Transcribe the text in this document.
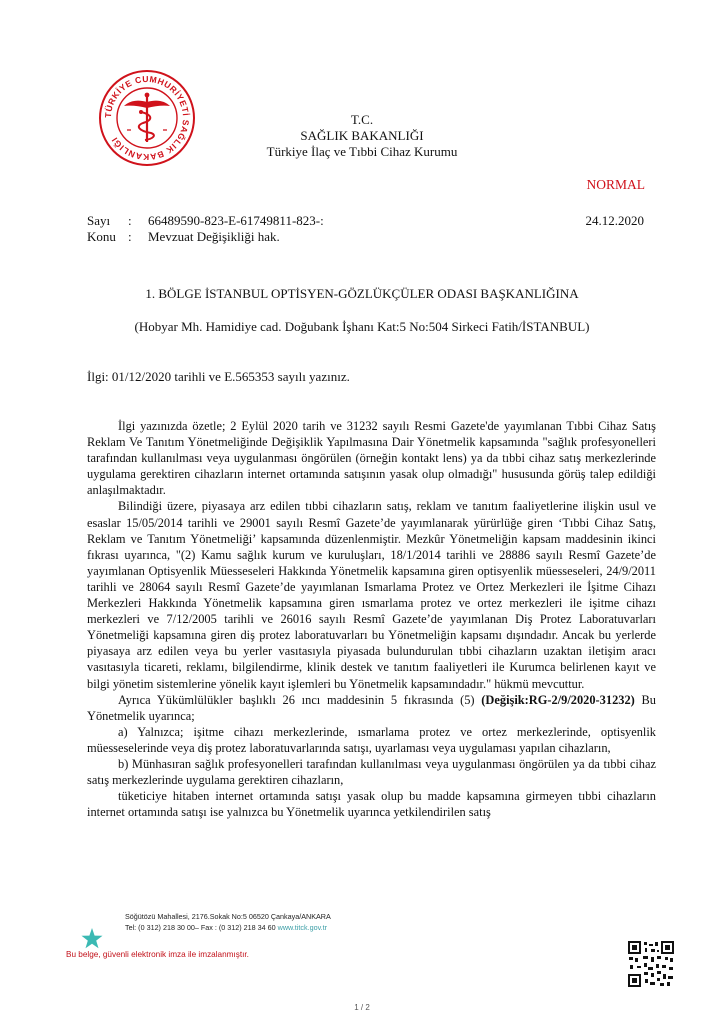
TÜRKİYE CUMHURİYETİ SAĞLIK BAKANLIĞI
T.C.
SAĞLIK BAKANLIĞI
Türkiye İlaç ve Tıbbi Cihaz Kurumu
NORMAL
Sayı : 66489590-823-E-61749811-823-:	24.12.2020
Konu : Mevzuat Değişikliği hak.
1. BÖLGE İSTANBUL OPTİSYEN-GÖZLÜKÇÜLER ODASI BAŞKANLIĞINA
(Hobyar Mh. Hamidiye cad. Doğubank İşhanı Kat:5 No:504 Sirkeci Fatih/İSTANBUL)
İlgi: 01/12/2020 tarihli ve E.565353 sayılı yazınız.

İlgi yazınızda özetle; 2 Eylül 2020 tarih ve 31232 sayılı Resmi Gazete'de yayımlanan Tıbbi Cihaz Satış Reklam Ve Tanıtım Yönetmeliğinde Değişiklik Yapılmasına Dair Yönetmelik kapsamında "sağlık profesyonelleri tarafından kullanılması veya uygulanması öngörülen (örneğin kontakt lens) ya da tıbbi cihaz satış merkezlerinde uygulama gerektiren cihazların internet ortamında satışının yasak olup olmadığı" hususunda görüş talep edildiği anlaşılmaktadır.

Bilindiği üzere, piyasaya arz edilen tıbbi cihazların satış, reklam ve tanıtım faaliyetlerine ilişkin usul ve esaslar 15/05/2014 tarihli ve 29001 sayılı Resmî Gazete’de yayımlanarak yürürlüğe giren ‘Tıbbi Cihaz Satış, Reklam ve Tanıtım Yönetmeliği’ kapsamında düzenlenmiştir. Mezkûr Yönetmeliğin kapsam maddesinin ikinci fıkrası uyarınca, "(2) Kamu sağlık kurum ve kuruluşları, 18/1/2014 tarihli ve 28886 sayılı Resmî Gazete’de yayımlanan Optisyenlik Müesseseleri Hakkında Yönetmelik kapsamına giren optisyenlik müesseseleri, 24/9/2011 tarihli ve 28064 sayılı Resmî Gazete’de yayımlanan Ismarlama Protez ve Ortez Merkezleri ile İşitme Cihazı Merkezleri Hakkında Yönetmelik kapsamına giren ısmarlama protez ve ortez merkezleri ile işitme cihazı merkezleri ve 7/12/2005 tarihli ve 26016 sayılı Resmî Gazete’de yayımlanan Diş Protez Laboratuvarları Yönetmeliği kapsamına giren diş protez laboratuvarları bu Yönetmeliğin kapsamı dışındadır. Ancak bu yerlerde piyasaya arz edilen veya bu yerler vasıtasıyla piyasada bulundurulan tıbbi cihazların uzaktan iletişim aracı vasıtasıyla ticareti, reklamı, bilgilendirme, klinik destek ve tanıtım faaliyetleri ile Kurumca belirlenen kayıt ve bilgi yönetim sistemlerine yönelik kayıt işlemleri bu Yönetmelik kapsamındadır." hükmü mevcuttur.

Ayrıca Yükümlülükler başlıklı 26 ıncı maddesinin 5 fıkrasında (5) (Değişik:RG-2/9/2020-31232) Bu Yönetmelik uyarınca;

a) Yalnızca; işitme cihazı merkezlerinde, ısmarlama protez ve ortez merkezlerinde, optisyenlik müesseselerinde veya diş protez laboratuvarlarında satışı, uyarlaması veya uygulaması yapılan cihazların,

b) Münhasıran sağlık profesyonelleri tarafından kullanılması veya uygulanması öngörülen ya da tıbbi cihaz satış merkezlerinde uygulama gerektiren cihazların,

tüketiciye hitaben internet ortamında satışı yasak olup bu madde kapsamına girmeyen tıbbi cihazların internet ortamında satışı ise yalnızca bu Yönetmelik uyarınca yetkilendirilen satış

Söğütözü Mahallesi, 2176.Sokak No:5 06520 Çankaya/ANKARA
Tel: (0 312) 218 30 00– Fax : (0 312) 218 34 60 www.titck.gov.tr
Bu belge, güvenli elektronik imza ile imzalanmıştır.
1 / 2
